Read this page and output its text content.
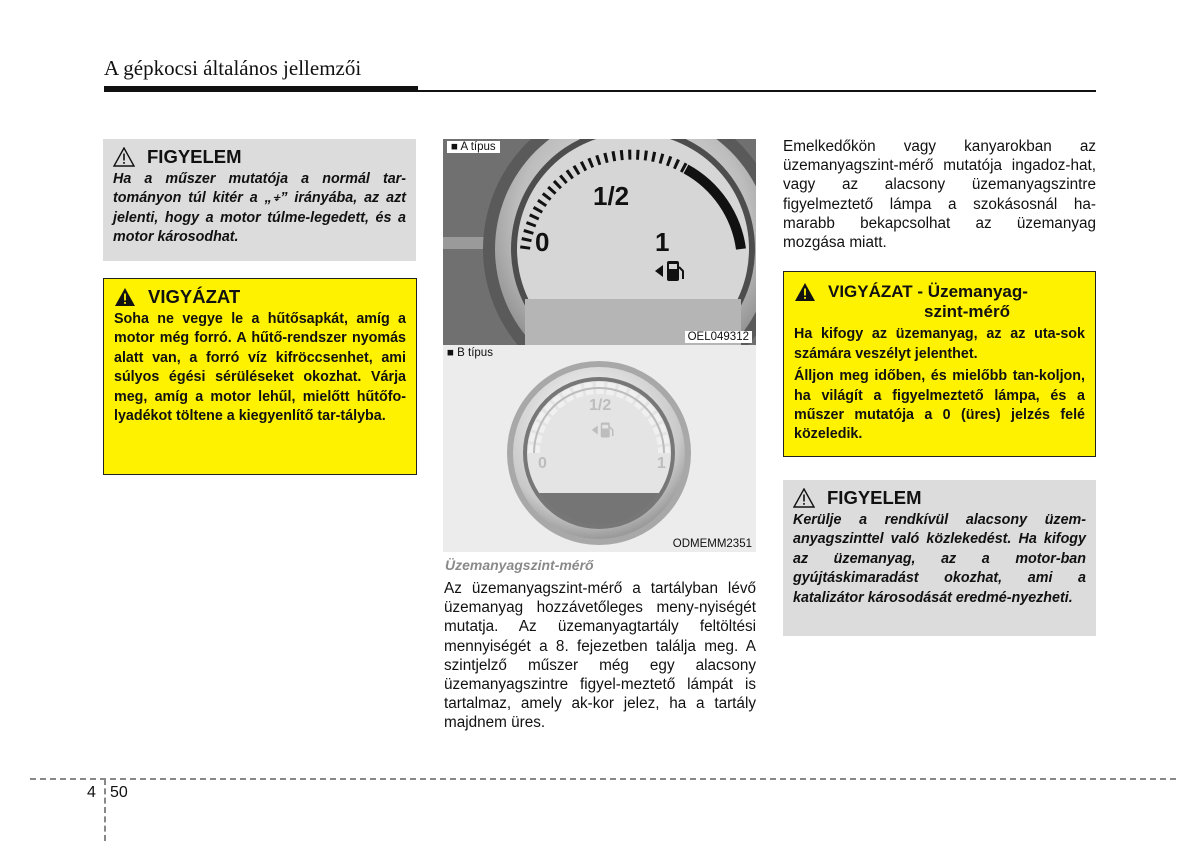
A gépkocsi általános jellemzői
FIGYELEM

Ha a műszer mutatója a normál tar-tományon túl kitér a „⍖” irányába, az azt jelenti, hogy a motor túlme-legedett, és a motor károsodhat.

VIGYÁZAT

Soha ne vegye le a hűtősapkát, amíg a motor még forró. A hűtő-rendszer nyomás alatt van, a forró víz kifröccsenhet, ami súlyos égési sérüléseket okozhat. Várja meg, amíg a motor lehűl, mielőtt hűtőfo-lyadékot töltene a kiegyenlítő tar-tályba.

■ A típus
1/2
0	1
OEL049312
■ B típus
1/2
0	1
ODMEMM2351
Üzemanyagszint-mérő
Az üzemanyagszint-mérő a tartályban lévő üzemanyag hozzávetőleges meny-nyiségét mutatja. Az üzemanyagtartály feltöltési mennyiségét a 8. fejezetben találja meg. A szintjelző műszer még egy alacsony üzemanyagszintre figyel-meztető lámpát is tartalmaz, amely ak-kor jelez, ha a tartály majdnem üres.
Emelkedőkön vagy kanyarokban az üzemanyagszint-mérő mutatója ingadoz-hat, vagy az alacsony üzemanyagszintre figyelmeztető lámpa a szokásosnál ha-marabb bekapcsolhat az üzemanyag mozgása miatt.
VIGYÁZAT - Üzemanyag-
szint-mérő

Ha kifogy az üzemanyag, az az uta-sok számára veszélyt jelenthet.

Álljon meg időben, és mielőbb tan-koljon, ha világít a figyelmeztető lámpa, és a műszer mutatója a 0 (üres) jelzés felé közeledik.

FIGYELEM

Kerülje a rendkívül alacsony üzem-anyagszinttel való közlekedést. Ha kifogy az üzemanyag, az a motor-ban gyújtáskimaradást okozhat, ami a katalizátor károsodását eredmé-nyezheti.

4 50
